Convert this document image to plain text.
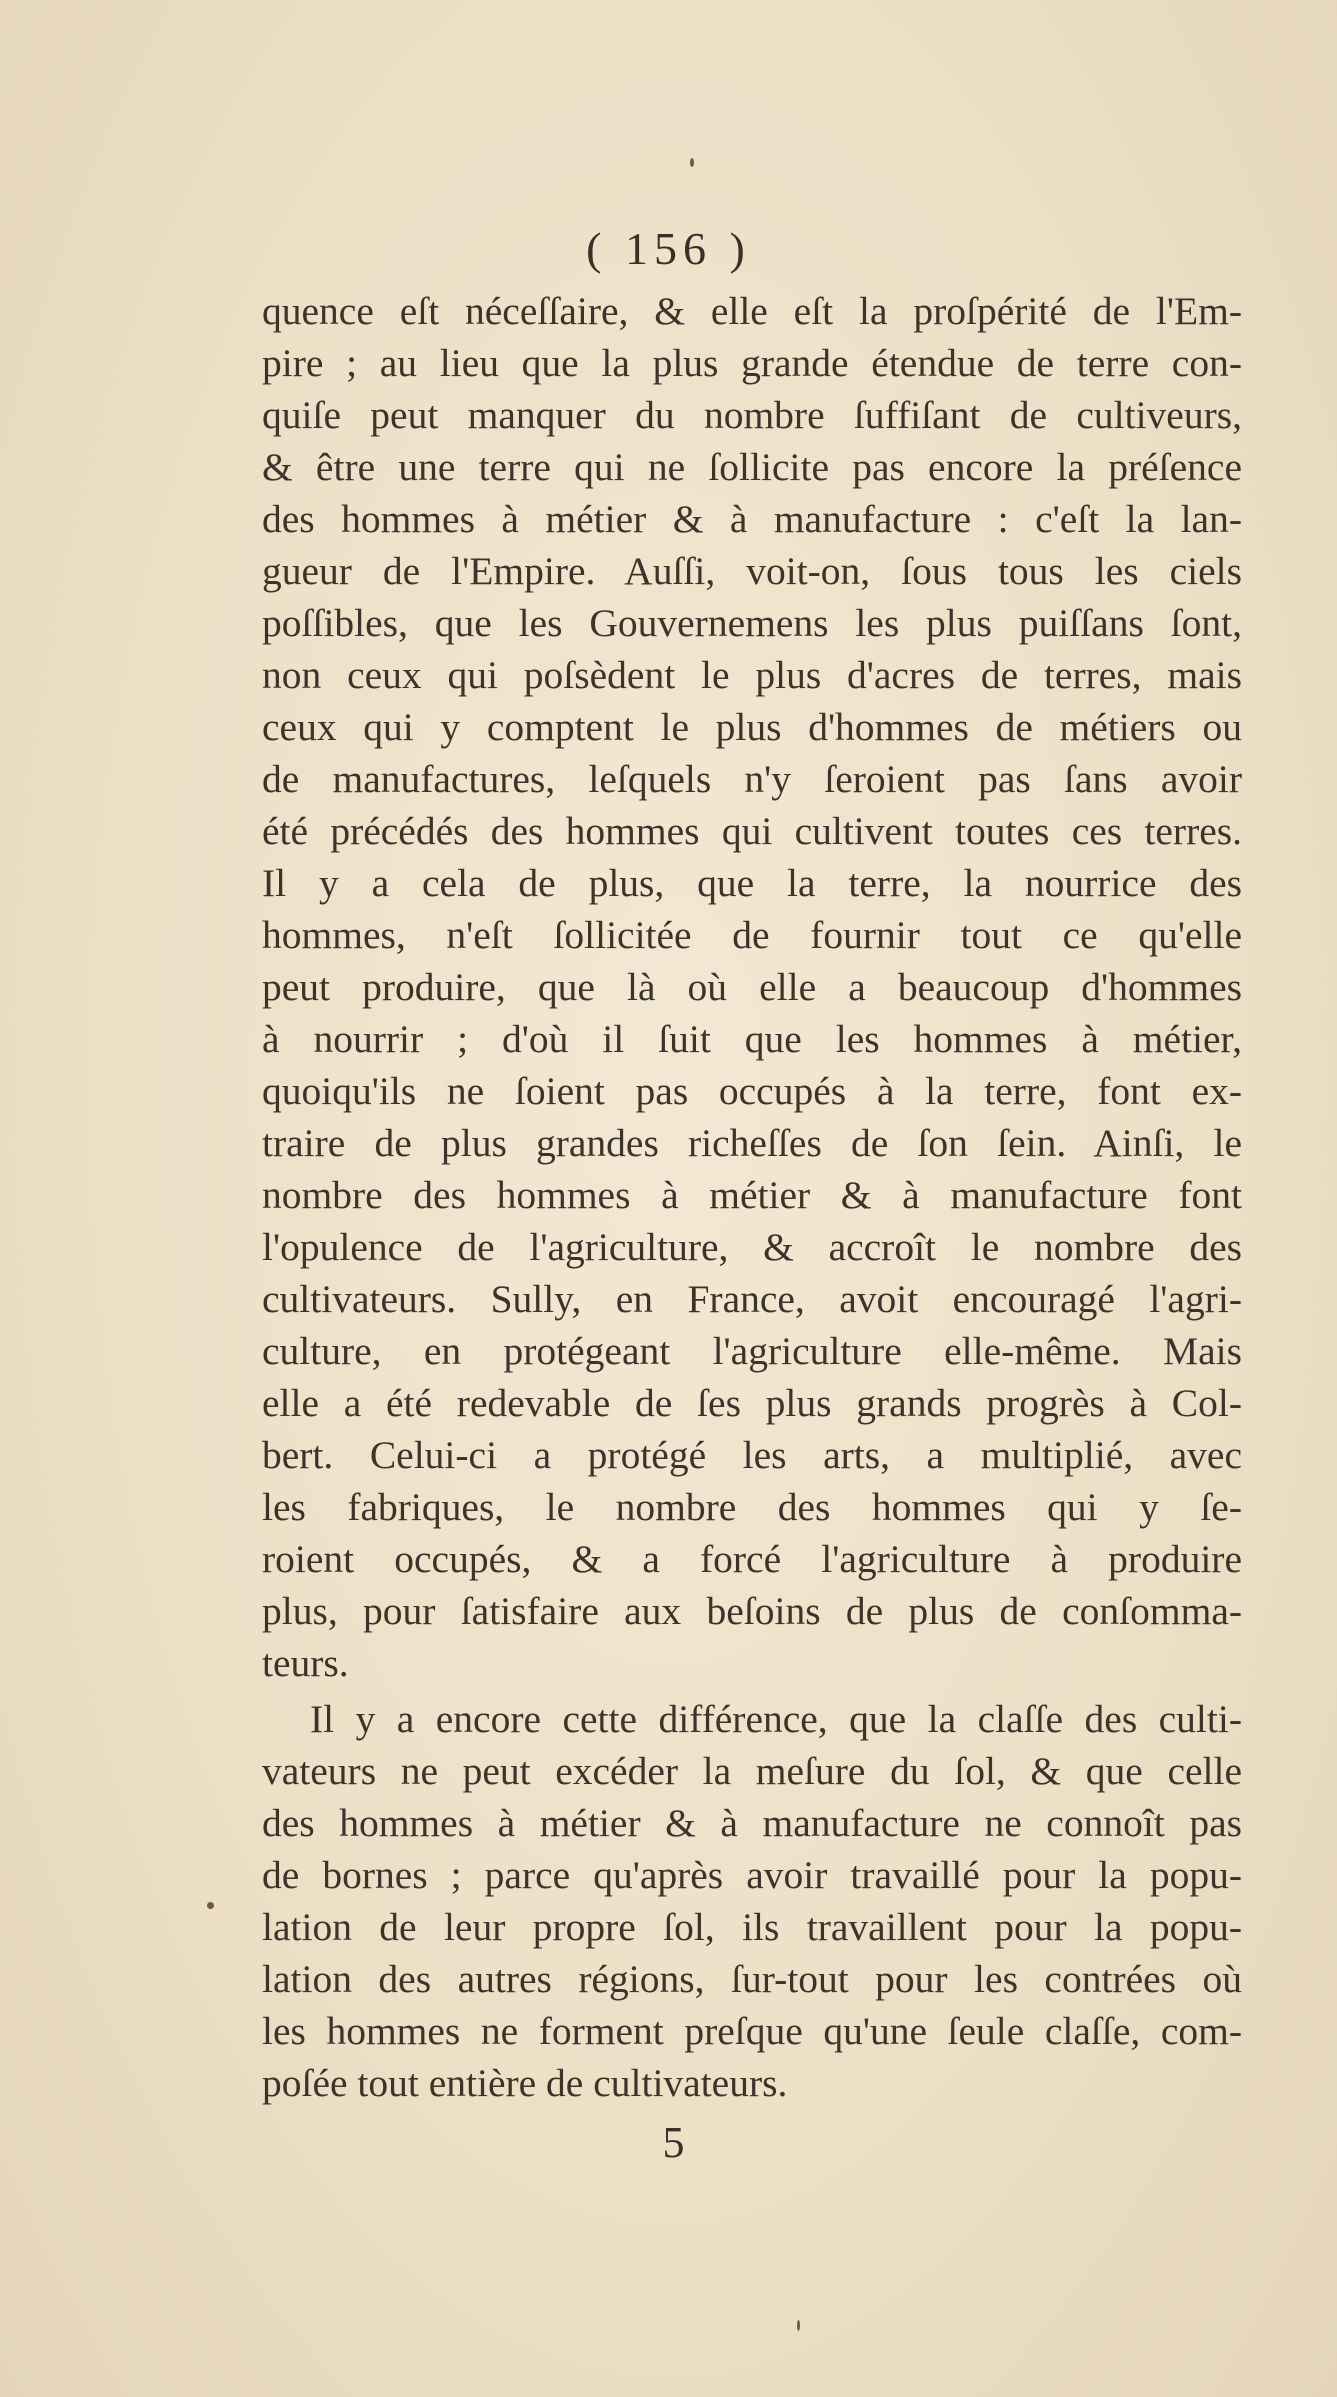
( 156 )
quence eſt néceſſaire, & elle eſt la proſpérité de l'Em-
pire ; au lieu que la plus grande étendue de terre con-
quiſe peut manquer du nombre ſuffiſant de cultiveurs,
& être une terre qui ne ſollicite pas encore la préſence
des hommes à métier & à manufacture : c'eſt la lan-
gueur de l'Empire. Auſſi, voit-on, ſous tous les ciels
poſſibles, que les Gouvernemens les plus puiſſans ſont,
non ceux qui poſsèdent le plus d'acres de terres, mais
ceux qui y comptent le plus d'hommes de métiers ou
de manufactures, leſquels n'y ſeroient pas ſans avoir
été précédés des hommes qui cultivent toutes ces terres.
Il y a cela de plus, que la terre, la nourrice des
hommes, n'eſt ſollicitée de fournir tout ce qu'elle
peut produire, que là où elle a beaucoup d'hommes
à nourrir ; d'où il ſuit que les hommes à métier,
quoiqu'ils ne ſoient pas occupés à la terre, font ex-
traire de plus grandes richeſſes de ſon ſein. Ainſi, le
nombre des hommes à métier & à manufacture font
l'opulence de l'agriculture, & accroît le nombre des
cultivateurs. Sully, en France, avoit encouragé l'agri-
culture, en protégeant l'agriculture elle-même. Mais
elle a été redevable de ſes plus grands progrès à Col-
bert. Celui-ci a protégé les arts, a multiplié, avec
les fabriques, le nombre des hommes qui y ſe-
roient occupés, & a forcé l'agriculture à produire
plus, pour ſatisfaire aux beſoins de plus de conſomma-
teurs.
Il y a encore cette différence, que la claſſe des culti-
vateurs ne peut excéder la meſure du ſol, & que celle
des hommes à métier & à manufacture ne connoît pas
de bornes ; parce qu'après avoir travaillé pour la popu-
lation de leur propre ſol, ils travaillent pour la popu-
lation des autres régions, ſur-tout pour les contrées où
les hommes ne forment preſque qu'une ſeule claſſe, com-
poſée tout entière de cultivateurs.
5
